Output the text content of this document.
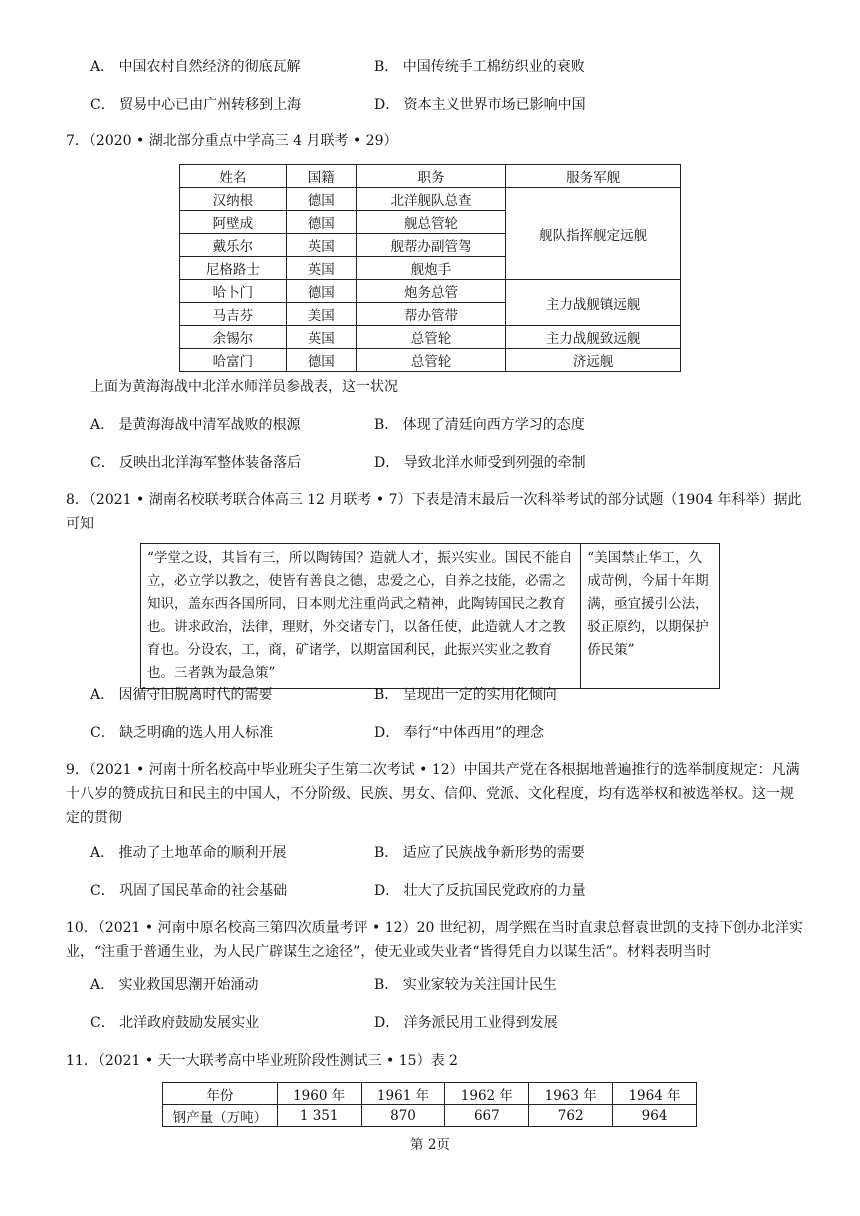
A． 中国农村自然经济的彻底瓦解	B． 中国传统手工棉纺织业的衰败
C． 贸易中心已由广州转移到上海	D． 资本主义世界市场已影响中国
7．（2020 • 湖北部分重点中学高三 4 月联考 • 29）
姓名	国籍	职务	服务军舰
汉纳根	德国	北洋舰队总查	舰队指挥舰定远舰
阿壁成	德国	舰总管轮	
戴乐尔	英国	舰帮办副管驾	
尼格路士	英国	舰炮手	
哈卜门	德国	炮务总管	主力战舰镇远舰
马吉芬	美国	帮办管带	
余锡尔	英国	总管轮	主力战舰致远舰
哈富门	德国	总管轮	济远舰
上面为黄海海战中北洋水师洋员参战表，这一状况
A． 是黄海海战中清军战败的根源	B． 体现了清廷向西方学习的态度
C． 反映出北洋海军整体装备落后	D． 导致北洋水师受到列强的牵制
8．（2021 • 湖南名校联考联合体高三 12 月联考 • 7）下表是清末最后一次科举考试的部分试题（1904 年科举）据此可知
“学堂之设，其旨有三，所以陶铸国？造就人才，振兴实业。国民不能自立，必立学以教之，使皆有善良之德，忠爱之心，自养之技能，必需之知识，盖东西各国所同，日本则尤注重尚武之精神，此陶铸国民之教育也。讲求政治，法律，理财，外交诸专门，以备任使，此造就人才之教育也。分设农，工，商，矿诸学，以期富国利民，此振兴实业之教育也。三者孰为最急策”	“美国禁止华工，久成苛例，今届十年期满，亟宜援引公法，驳正原约，以期保护侨民策”
A． 因循守旧脱离时代的需要	B． 呈现出一定的实用化倾向
C． 缺乏明确的选人用人标准	D． 奉行“中体西用”的理念
9．（2021 • 河南十所名校高中毕业班尖子生第二次考试 • 12）中国共产党在各根据地普遍推行的选举制度规定：凡满十八岁的赞成抗日和民主的中国人，不分阶级、民族、男女、信仰、党派、文化程度，均有选举权和被选举权。这一规定的贯彻
A． 推动了土地革命的顺利开展	B． 适应了民族战争新形势的需要
C． 巩固了国民革命的社会基础	D． 壮大了反抗国民党政府的力量
10．（2021 • 河南中原名校高三第四次质量考评 • 12）20 世纪初，周学熙在当时直隶总督袁世凯的支持下创办北洋实业，“注重于普通生业，为人民广辟谋生之途径”，使无业或失业者“皆得凭自力以谋生活”。材料表明当时
A． 实业救国思潮开始涌动	B． 实业家较为关注国计民生
C． 北洋政府鼓励发展实业	D． 洋务派民用工业得到发展
11．（2021 • 天一大联考高中毕业班阶段性测试三 • 15）表 2
年份	1960 年	1961 年	1962 年	1963 年	1964 年
钢产量（万吨）	1 351	870	667	762	964
第 2页
